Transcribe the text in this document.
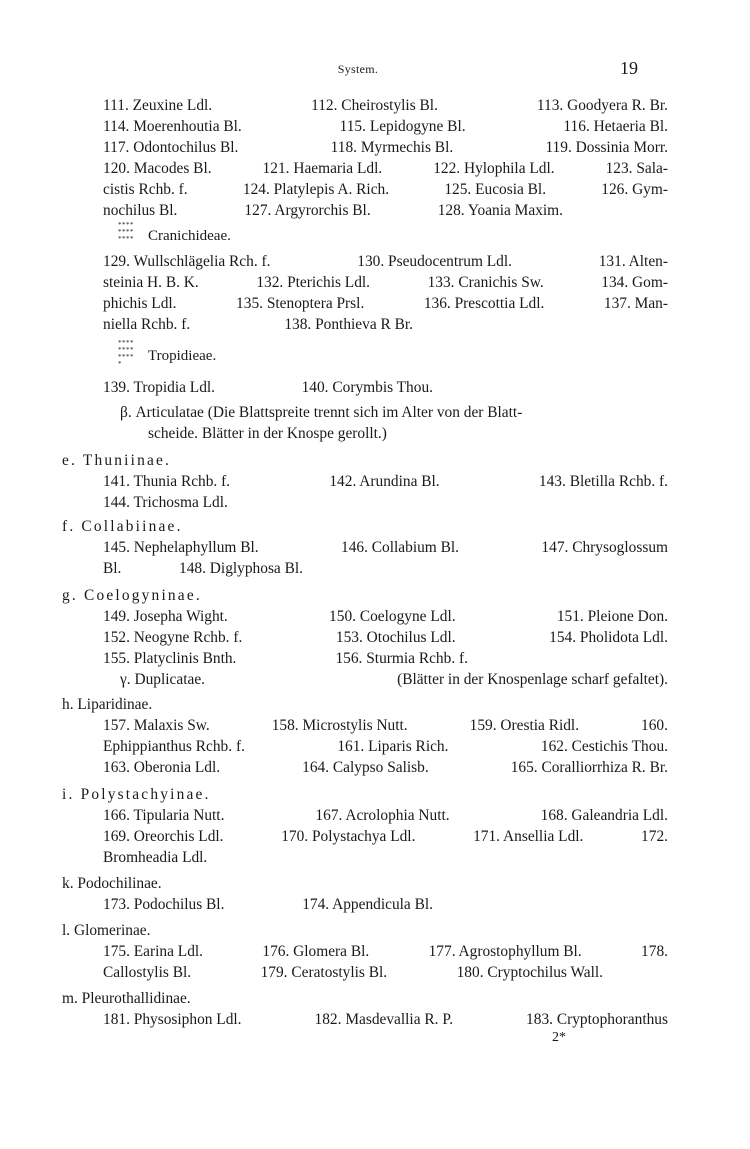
System.	19
111. Zeuxine Ldl.	112. Cheirostylis Bl.	113. Goodyera R. Br.
114. Moerenhoutia Bl.	115. Lepidogyne Bl.	116. Hetaeria Bl.
117. Odontochilus Bl.	118. Myrmechis Bl.	119. Dossinia Morr.
120. Macodes Bl.	121. Haemaria Ldl.	122. Hylophila Ldl.	123. Sala-
cistis Rchb. f.	124. Platylepis A. Rich.	125. Eucosia Bl.	126. Gym-
nochilus Bl.	127. Argyrorchis Bl.	128. Yoania Maxim.
****
****
**** Cranichideae.
129. Wullschlägelia Rch. f.	130. Pseudocentrum Ldl.	131. Alten-
steinia H. B. K.	132. Pterichis Ldl.	133. Cranichis Sw.	134. Gom-
phichis Ldl.	135. Stenoptera Prsl.	136. Prescottia Ldl.	137. Man-
niella Rchb. f.	138. Ponthieva R Br.
****
****
****
*	Tropidieae.
139. Tropidia Ldl.	140. Corymbis Thou.
β. Articulatae (Die Blattspreite trennt sich im Alter von der Blatt-
scheide. Blätter in der Knospe gerollt.)
e. Thuniinae.
141. Thunia Rchb. f.	142. Arundina Bl.	143. Bletilla Rchb. f.
144. Trichosma Ldl.
f. Collabiinae.
145. Nephelaphyllum Bl.	146. Collabium Bl.	147. Chrysoglossum
Bl.	148. Diglyphosa Bl.
g. Coelogyninae.
149. Josepha Wight.	150. Coelogyne Ldl.	151. Pleione Don.
152. Neogyne Rchb. f.	153. Otochilus Ldl.	154. Pholidota Ldl.
155. Platyclinis Bnth.	156. Sturmia Rchb. f.
γ. Duplicatae.	(Blätter in der Knospenlage scharf gefaltet).
h. Liparidinae.
157. Malaxis Sw.	158. Microstylis Nutt.	159. Orestia Ridl.	160.
Ephippianthus Rchb. f.	161. Liparis Rich.	162. Cestichis Thou.
163. Oberonia Ldl.	164. Calypso Salisb.	165. Coralliorrhiza R. Br.
i. Polystachyinae.
166. Tipularia Nutt.	167. Acrolophia Nutt.	168. Galeandria Ldl.
169. Oreorchis Ldl.	170. Polystachya Ldl.	171. Ansellia Ldl.	172.
Bromheadia Ldl.
k. Podochilinae.
173. Podochilus Bl.	174. Appendicula Bl.
l. Glomerinae.
175. Earina Ldl.	176. Glomera Bl.	177. Agrostophyllum Bl.	178.
Callostylis Bl.	179. Ceratostylis Bl.	180. Cryptochilus Wall.
m. Pleurothallidinae.
181. Physosiphon Ldl.	182. Masdevallia R. P.	183. Cryptophoranthus
2*
